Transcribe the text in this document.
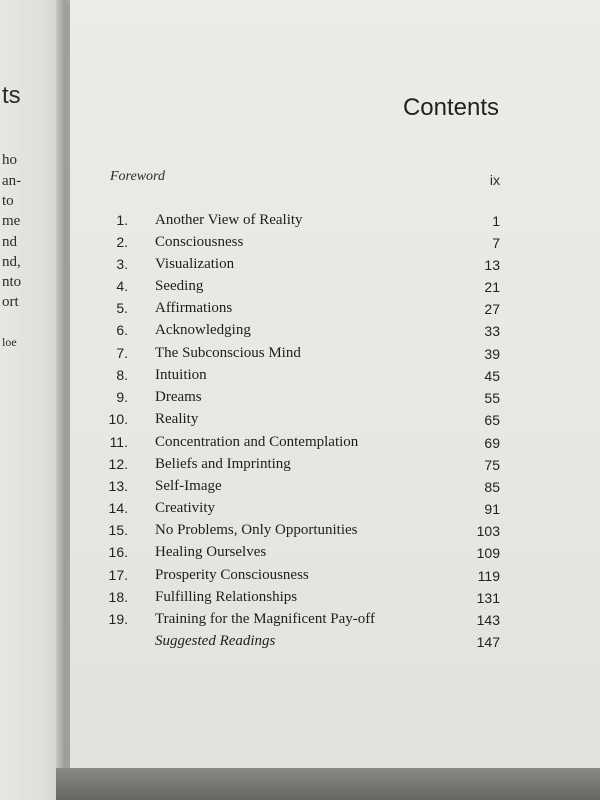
ts
ho
an-
to
me
nd
nd,
nto
ort
loe
Contents
Foreword	ix
1. Another View of Reality	1
2. Consciousness	7
3. Visualization	13
4. Seeding	21
5. Affirmations	27
6. Acknowledging	33
7. The Subconscious Mind	39
8. Intuition	45
9. Dreams	55
10. Reality	65
11. Concentration and Contemplation	69
12. Beliefs and Imprinting	75
13. Self-Image	85
14. Creativity	91
15. No Problems, Only Opportunities	103
16. Healing Ourselves	109
17. Prosperity Consciousness	119
18. Fulfilling Relationships	131
19. Training for the Magnificent Pay-off	143
Suggested Readings	147
